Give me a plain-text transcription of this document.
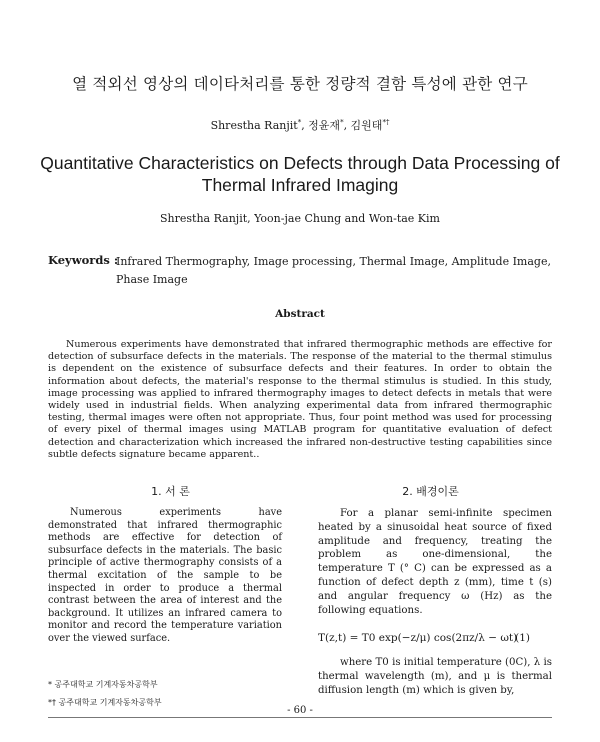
열 적외선 영상의 데이타처리를 통한 정량적 결함 특성에 관한 연구
Shrestha Ranjit*, 정윤재*, 김원태*†
Quantitative Characteristics on Defects through Data Processing of Thermal Infrared Imaging
Shrestha Ranjit, Yoon-jae Chung and Won-tae Kim
Keywords :
Infrared Thermography, Image processing, Thermal Image, Amplitude Image, Phase Image
Abstract
Numerous experiments have demonstrated that infrared thermographic methods are effective for detection of subsurface defects in the materials. The response of the material to the thermal stimulus is dependent on the existence of subsurface defects and their features. In order to obtain the information about defects, the material's response to the thermal stimulus is studied. In this study, image processing was applied to infrared thermography images to detect defects in metals that were widely used in industrial fields. When analyzing experimental data from infrared thermographic testing, thermal images were often not appropriate. Thus, four point method was used for processing of every pixel of thermal images using MATLAB program for quantitative evaluation of defect detection and characterization which increased the infrared non-destructive testing capabilities since subtle defects signature became apparent..
1. 서 론	2. 배경이론
Numerous experiments have demonstrated that infrared thermographic methods are effective for detection of subsurface defects in the materials. The basic principle of active thermography consists of a thermal excitation of the sample to be inspected in order to produce a thermal contrast between the area of interest and the background. It utilizes an infrared camera to monitor and record the temperature variation over the viewed surface.
For a planar semi-infinite specimen heated by a sinusoidal heat source of fixed amplitude and frequency, treating the problem as one-dimensional, the temperature T (° C) can be expressed as a function of defect depth z (mm), time t (s) and angular frequency ω (Hz) as the following equations.
T(z,t) = T0 exp(−z/μ) cos(2πz/λ − ωt)
(1)
where T0 is initial temperature (0C), λ is thermal wavelength (m), and μ is thermal diffusion length (m) which is given by,
* 공주대학교 기계자동차공학부
*† 공주대학교 기계자동차공학부
- 60 -
